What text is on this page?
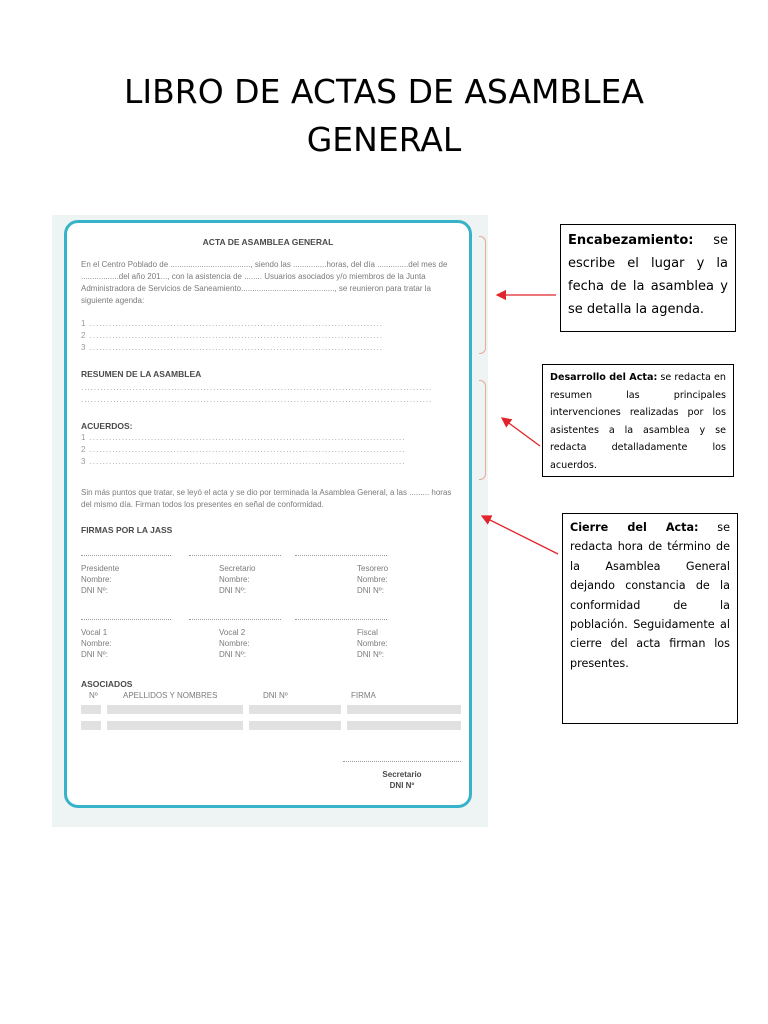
LIBRO DE ACTAS DE ASAMBLEA
GENERAL
ACTA DE ASAMBLEA GENERAL
En el Centro Poblado de ...................................., siendo las ...............horas, del día ..............del mes de .................del año 201..., con la asistencia de ........ Usuarios asociados y/o miembros de la Junta Administradora de Servicios de Saneamiento.........................................., se reunieron para tratar la siguiente agenda:
1 ...........................................................................................
2 ...........................................................................................
3 ...........................................................................................
RESUMEN DE LA ASAMBLEA
.............................................................................................................
.............................................................................................................
ACUERDOS:
1 ..................................................................................................
2 ..................................................................................................
3 ..................................................................................................
Sin más puntos que tratar, se leyó el acta y se dio por terminada la Asamblea General, a las ......... horas del mismo día. Firman todos los presentes en señal de conformidad.
FIRMAS POR LA JASS
Presidente
Nombre:
DNI Nº:
Secretario
Nombre:
DNI Nº:
Tesorero
Nombre:
DNI Nº:
Vocal 1
Nombre:
DNI Nº:
Vocal 2
Nombre:
DNI Nº:
Fiscal
Nombre:
DNI Nº:
ASOCIADOS
Nº	APELLIDOS Y NOMBRES	DNI Nº	FIRMA
Secretario
DNI Nº
Encabezamiento: se escribe el lugar y la fecha de la asamblea y se detalla la agenda.
Desarrollo del Acta: se redacta en resumen las principales intervenciones realizadas por los asistentes a la asamblea y se redacta detalladamente los acuerdos.
Cierre del Acta: se redacta hora de término de la Asamblea General dejando constancia de la conformidad de la población. Seguidamente al cierre del acta firman los presentes.
